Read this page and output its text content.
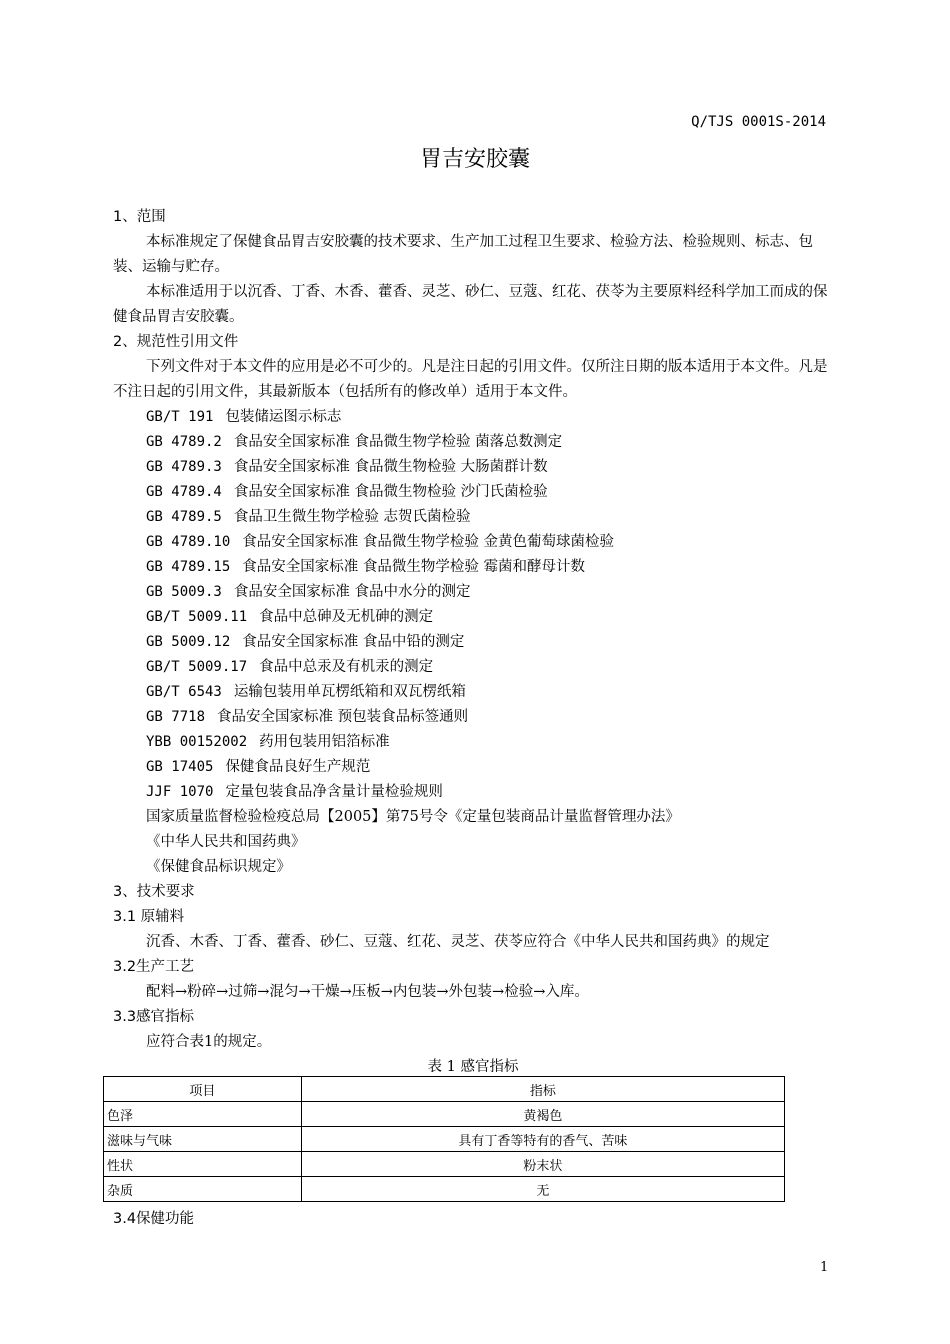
Q/TJS 0001S-2014
胃吉安胶囊

1、范围

本标准规定了保健食品胃吉安胶囊的技术要求、生产加工过程卫生要求、检验方法、检验规则、标志、包装、运输与贮存。

本标准适用于以沉香、丁香、木香、藿香、灵芝、砂仁、豆蔻、红花、茯苓为主要原料经科学加工而成的保健食品胃吉安胶囊。

2、规范性引用文件

下列文件对于本文件的应用是必不可少的。凡是注日起的引用文件。仅所注日期的版本适用于本文件。凡是不注日起的引用文件，其最新版本（包括所有的修改单）适用于本文件。

GB/T 191 包装储运图示标志

GB 4789.2 食品安全国家标准 食品微生物学检验 菌落总数测定

GB 4789.3 食品安全国家标准 食品微生物检验 大肠菌群计数

GB 4789.4 食品安全国家标准 食品微生物检验 沙门氏菌检验

GB 4789.5 食品卫生微生物学检验 志贺氏菌检验

GB 4789.10 食品安全国家标准 食品微生物学检验 金黄色葡萄球菌检验

GB 4789.15 食品安全国家标准 食品微生物学检验 霉菌和酵母计数

GB 5009.3 食品安全国家标准 食品中水分的测定

GB/T 5009.11 食品中总砷及无机砷的测定

GB 5009.12 食品安全国家标准 食品中铅的测定

GB/T 5009.17 食品中总汞及有机汞的测定

GB/T 6543 运输包装用单瓦楞纸箱和双瓦楞纸箱

GB 7718 食品安全国家标准 预包装食品标签通则

YBB 00152002 药用包装用铝箔标准

GB 17405 保健食品良好生产规范

JJF 1070 定量包装食品净含量计量检验规则

国家质量监督检验检疫总局【2005】第75号令《定量包装商品计量监督管理办法》

《中华人民共和国药典》

《保健食品标识规定》

3、技术要求

3.1 原辅料

沉香、木香、丁香、藿香、砂仁、豆蔻、红花、灵芝、茯苓应符合《中华人民共和国药典》的规定

3.2生产工艺

配料→粉碎→过筛→混匀→干燥→压板→内包装→外包装→检验→入库。

3.3感官指标

应符合表1的规定。

表 1 感官指标

项目	指标
色泽	黄褐色
滋味与气味	具有丁香等特有的香气、苦味
性状	粉末状
杂质	无
3.4保健功能
1
